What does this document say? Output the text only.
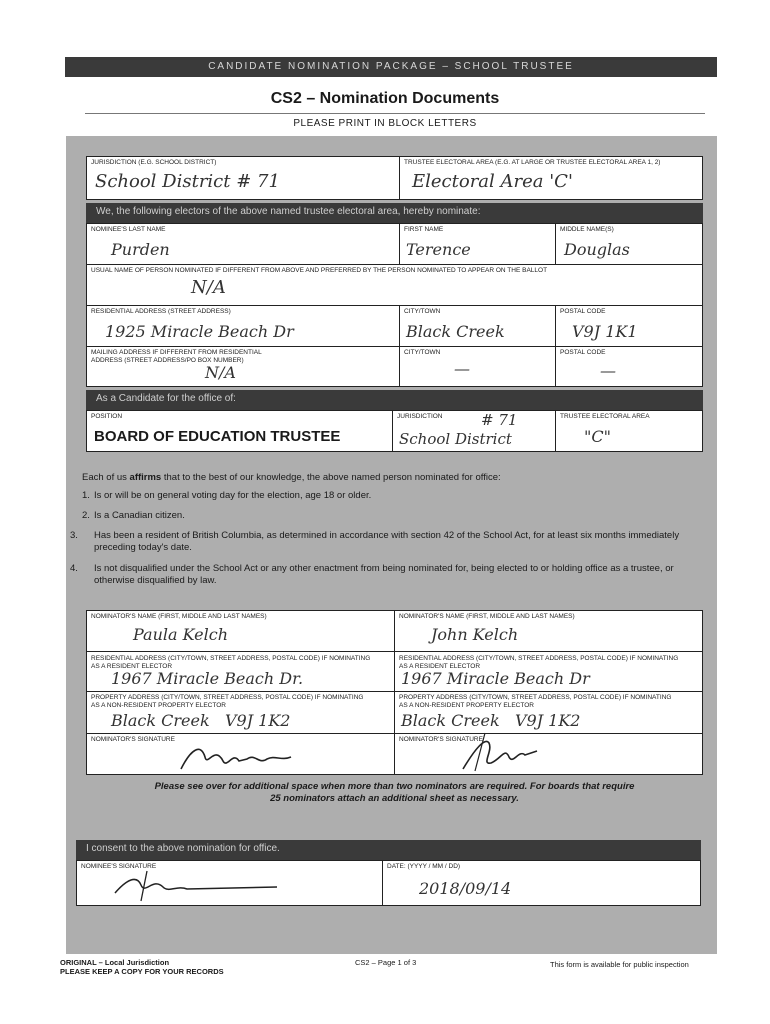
CANDIDATE NOMINATION PACKAGE – SCHOOL TRUSTEE
CS2 – Nomination Documents
PLEASE PRINT IN BLOCK LETTERS
JURISDICTION (E.G. SCHOOL DISTRICT)
School District # 71
TRUSTEE ELECTORAL AREA (E.G. AT LARGE OR TRUSTEE ELECTORAL AREA 1, 2)
Electoral Area 'C'
We, the following electors of the above named trustee electoral area, hereby nominate:
NOMINEE'S LAST NAME
Purden
FIRST NAME
Terence
MIDDLE NAME(S)
Douglas
USUAL NAME OF PERSON NOMINATED IF DIFFERENT FROM ABOVE AND PREFERRED BY THE PERSON NOMINATED TO APPEAR ON THE BALLOT
N/A
RESIDENTIAL ADDRESS (STREET ADDRESS)
1925 Miracle Beach Dr
CITY/TOWN
Black Creek
POSTAL CODE
V9J 1K1
MAILING ADDRESS IF DIFFERENT FROM RESIDENTIAL ADDRESS (STREET ADDRESS/PO BOX NUMBER)
N/A
CITY/TOWN
—
POSTAL CODE
—
As a Candidate for the office of:
POSITION
BOARD OF EDUCATION TRUSTEE
JURISDICTION	# 71
School District
TRUSTEE ELECTORAL AREA
"C"
Each of us affirms that to the best of our knowledge, the above named person nominated for office:
1. Is or will be on general voting day for the election, age 18 or older.
2. Is a Canadian citizen.
3. Has been a resident of British Columbia, as determined in accordance with section 42 of the School Act, for at least six months immediately preceding today's date.
4. Is not disqualified under the School Act or any other enactment from being nominated for, being elected to or holding office as a trustee, or otherwise disqualified by law.
NOMINATOR'S NAME (FIRST, MIDDLE AND LAST NAMES)
Paula Kelch
RESIDENTIAL ADDRESS (CITY/TOWN, STREET ADDRESS, POSTAL CODE) IF NOMINATING AS A RESIDENT ELECTOR
1967 Miracle Beach Dr.
PROPERTY ADDRESS (CITY/TOWN, STREET ADDRESS, POSTAL CODE) IF NOMINATING AS A NON-RESIDENT PROPERTY ELECTOR
Black Creek   V9J 1K2
NOMINATOR'S SIGNATURE
NOMINATOR'S NAME (FIRST, MIDDLE AND LAST NAMES)
John Kelch
RESIDENTIAL ADDRESS (CITY/TOWN, STREET ADDRESS, POSTAL CODE) IF NOMINATING AS A RESIDENT ELECTOR
1967 Miracle Beach Dr
PROPERTY ADDRESS (CITY/TOWN, STREET ADDRESS, POSTAL CODE) IF NOMINATING AS A NON-RESIDENT PROPERTY ELECTOR
Black Creek   V9J 1K2
NOMINATOR'S SIGNATURE
Please see over for additional space when more than two nominators are required. For boards that require
25 nominators attach an additional sheet as necessary.
I consent to the above nomination for office.
NOMINEE'S SIGNATURE	DATE: (YYYY / MM / DD)
2018/09/14
ORIGINAL – Local Jurisdiction
PLEASE KEEP A COPY FOR YOUR RECORDS
CS2 – Page 1 of 3	This form is available for public inspection
